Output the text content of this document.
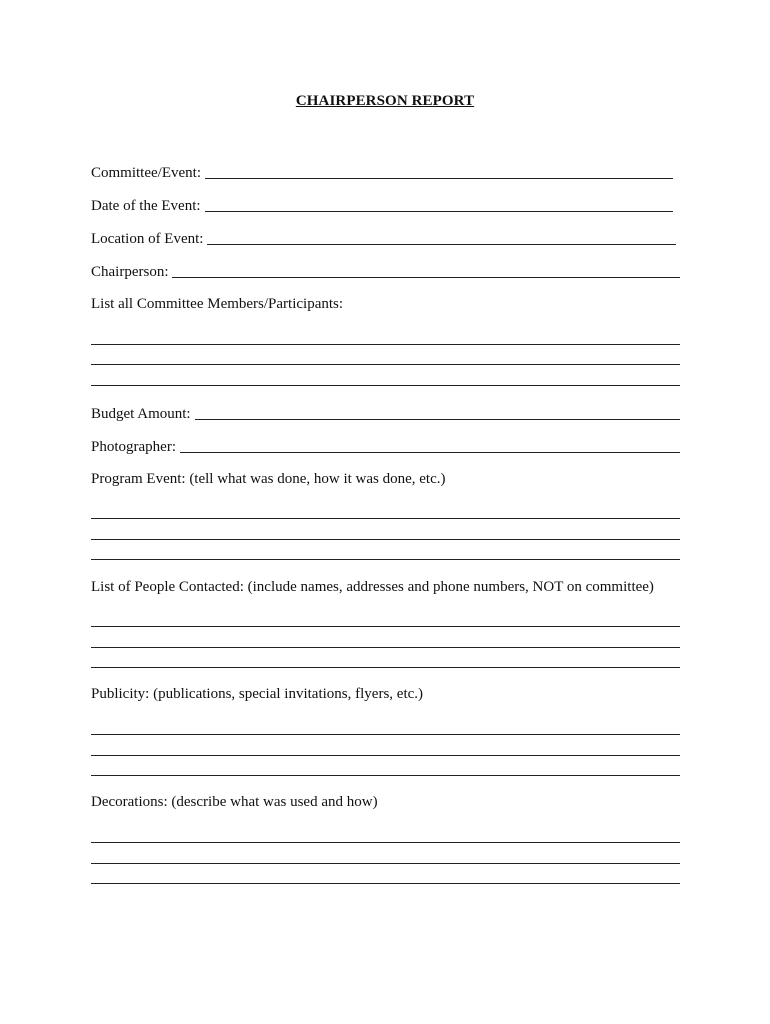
CHAIRPERSON REPORT
Committee/Event:
Date of the Event:
Location of Event:
Chairperson:
List all Committee Members/Participants:
Budget Amount:
Photographer:
Program Event: (tell what was done, how it was done, etc.)
List of People Contacted: (include names, addresses and phone numbers, NOT on committee)
Publicity: (publications, special invitations, flyers, etc.)
Decorations: (describe what was used and how)
